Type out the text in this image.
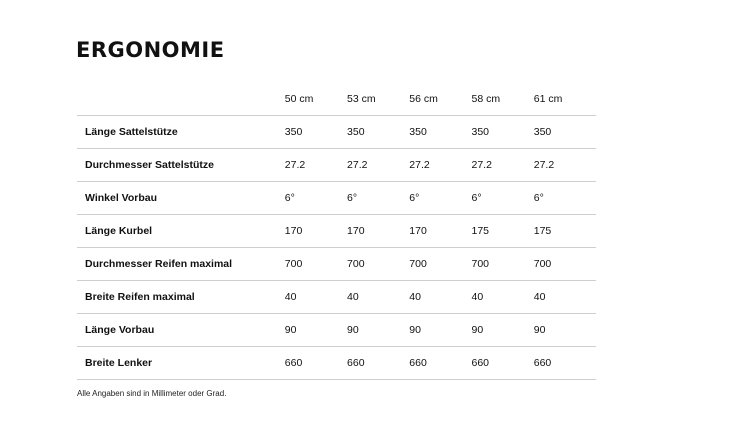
ERGONOMIE
	50 cm	53 cm	56 cm	58 cm	61 cm
Länge Sattelstütze	350	350	350	350	350
Durchmesser Sattelstütze	27.2	27.2	27.2	27.2	27.2
Winkel Vorbau	6°	6°	6°	6°	6°
Länge Kurbel	170	170	170	175	175
Durchmesser Reifen maximal	700	700	700	700	700
Breite Reifen maximal	40	40	40	40	40
Länge Vorbau	90	90	90	90	90
Breite Lenker	660	660	660	660	660

Alle Angaben sind in Millimeter oder Grad.
